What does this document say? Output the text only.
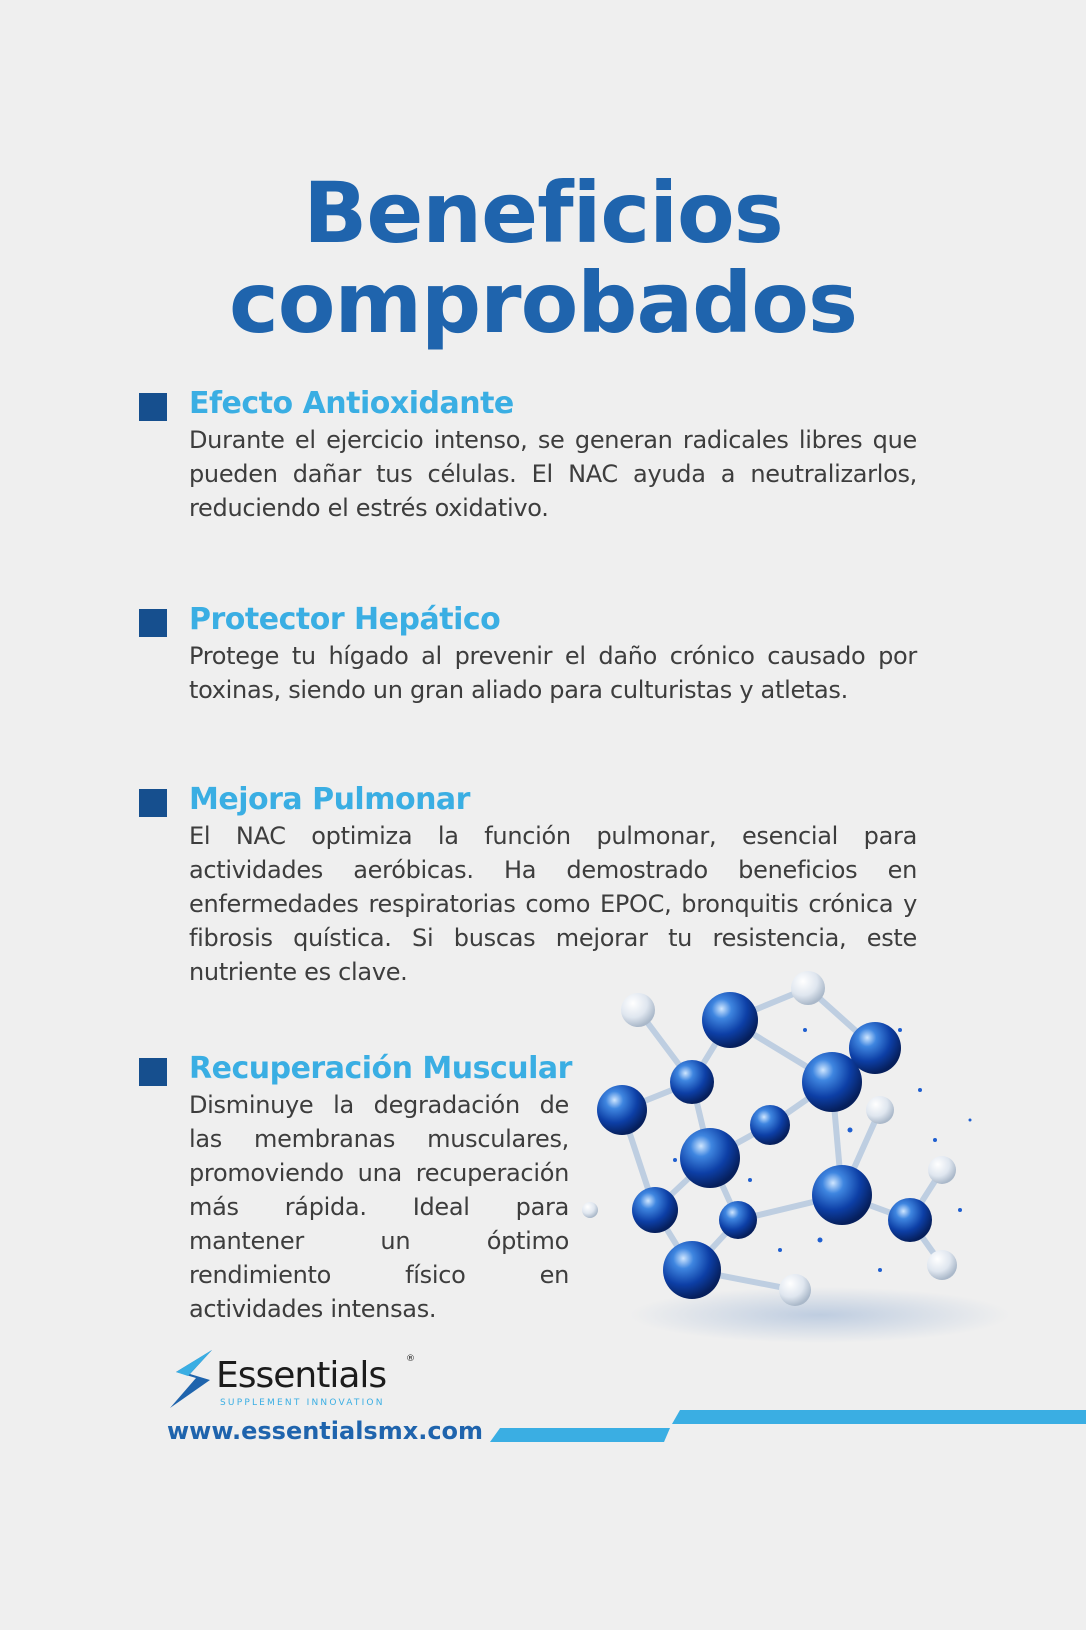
Beneficios
comprobados
Efecto Antioxidante

Durante el ejercicio intenso, se generan radicales libres que pueden dañar tus células. El NAC ayuda a neutralizarlos, reduciendo el estrés oxidativo.

Protector Hepático

Protege tu hígado al prevenir el daño crónico causado por toxinas, siendo un gran aliado para culturistas y atletas.

Mejora Pulmonar

El NAC optimiza la función pulmonar, esencial para actividades aeróbicas. Ha demostrado beneficios en enfermedades respiratorias como EPOC, bronquitis crónica y fibrosis quística. Si buscas mejorar tu resistencia, este nutriente es clave.

Recuperación Muscular

Disminuye la degradación de las membranas musculares, promoviendo una recuperación más rápida. Ideal para mantener un óptimo rendimiento físico en actividades intensas.

Essentials ®

SUPPLEMENT INNOVATION

www.essentialsmx.com
